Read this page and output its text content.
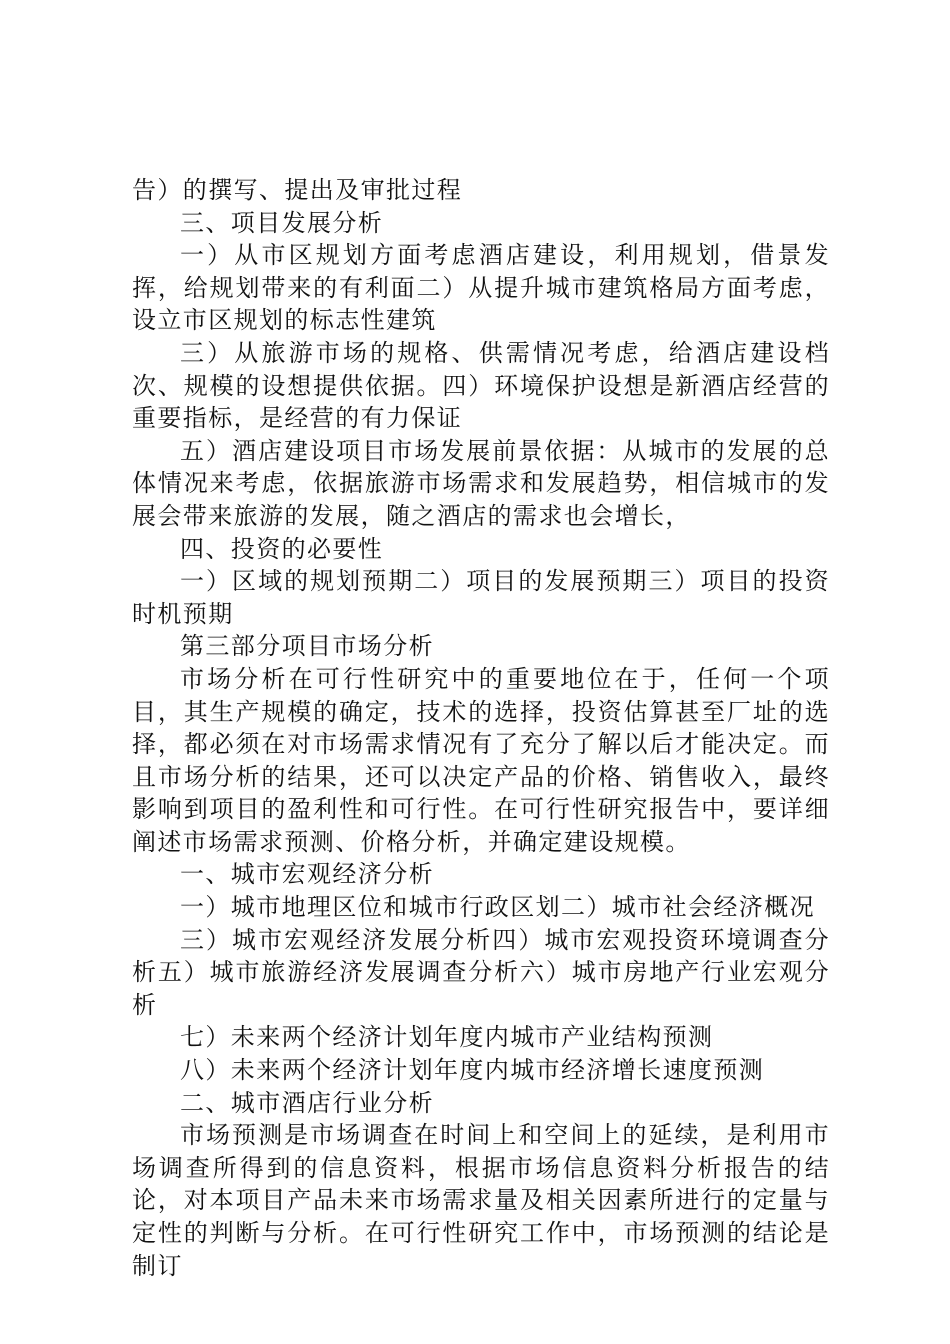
告）的撰写、提出及审批过程

三、项目发展分析

一）从市区规划方面考虑酒店建设，利用规划，借景发挥，给规划带来的有利面二）从提升城市建筑格局方面考虑，设立市区规划的标志性建筑

三）从旅游市场的规格、供需情况考虑，给酒店建设档次、规模的设想提供依据。四）环境保护设想是新酒店经营的重要指标，是经营的有力保证

五）酒店建设项目市场发展前景依据：从城市的发展的总体情况来考虑，依据旅游市场需求和发展趋势，相信城市的发展会带来旅游的发展，随之酒店的需求也会增长，

四、投资的必要性

一）区域的规划预期二）项目的发展预期三）项目的投资时机预期

第三部分项目市场分析

市场分析在可行性研究中的重要地位在于，任何一个项目，其生产规模的确定，技术的选择，投资估算甚至厂址的选择，都必须在对市场需求情况有了充分了解以后才能决定。而且市场分析的结果，还可以决定产品的价格、销售收入，最终影响到项目的盈利性和可行性。在可行性研究报告中，要详细阐述市场需求预测、价格分析，并确定建设规模。

一、城市宏观经济分析

一）城市地理区位和城市行政区划二）城市社会经济概况

三）城市宏观经济发展分析四）城市宏观投资环境调查分析五）城市旅游经济发展调查分析六）城市房地产行业宏观分析

七）未来两个经济计划年度内城市产业结构预测

八）未来两个经济计划年度内城市经济增长速度预测

二、城市酒店行业分析

市场预测是市场调查在时间上和空间上的延续，是利用市场调查所得到的信息资料，根据市场信息资料分析报告的结论，对本项目产品未来市场需求量及相关因素所进行的定量与定性的判断与分析。在可行性研究工作中，市场预测的结论是制订
